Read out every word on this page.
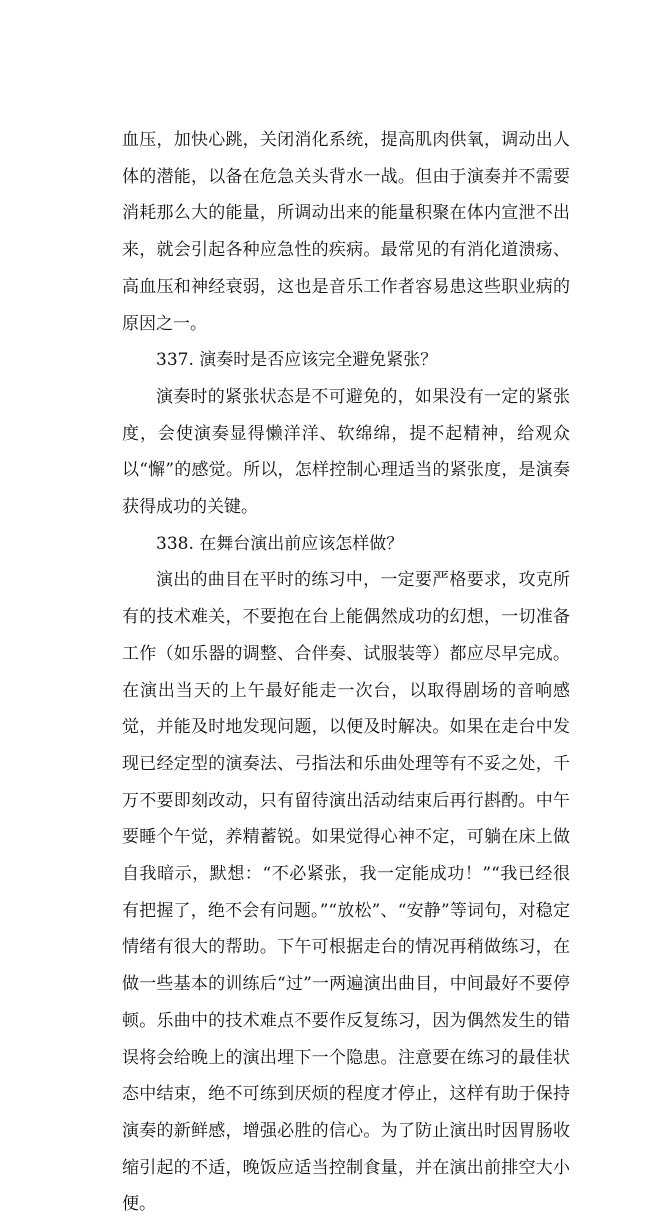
血压，加快心跳，关闭消化系统，提高肌肉供氧，调动出人体的潜能，以备在危急关头背水一战。但由于演奏并不需要消耗那么大的能量，所调动出来的能量积聚在体内宣泄不出来，就会引起各种应急性的疾病。最常见的有消化道溃疡、高血压和神经衰弱，这也是音乐工作者容易患这些职业病的原因之一。

337. 演奏时是否应该完全避免紧张？

演奏时的紧张状态是不可避免的，如果没有一定的紧张度，会使演奏显得懒洋洋、软绵绵，提不起精神，给观众以“懈”的感觉。所以，怎样控制心理适当的紧张度，是演奏获得成功的关键。

338. 在舞台演出前应该怎样做？

演出的曲目在平时的练习中，一定要严格要求，攻克所有的技术难关，不要抱在台上能偶然成功的幻想，一切准备工作（如乐器的调整、合伴奏、试服装等）都应尽早完成。在演出当天的上午最好能走一次台，以取得剧场的音响感觉，并能及时地发现问题，以便及时解决。如果在走台中发现已经定型的演奏法、弓指法和乐曲处理等有不妥之处，千万不要即刻改动，只有留待演出活动结束后再行斟酌。中午要睡个午觉，养精蓄锐。如果觉得心神不定，可躺在床上做自我暗示，默想：“不必紧张，我一定能成功！”“我已经很有把握了，绝不会有问题。”“放松”、“安静”等词句，对稳定情绪有很大的帮助。下午可根据走台的情况再稍做练习，在做一些基本的训练后“过”一两遍演出曲目，中间最好不要停顿。乐曲中的技术难点不要作反复练习，因为偶然发生的错误将会给晚上的演出埋下一个隐患。注意要在练习的最佳状态中结束，绝不可练到厌烦的程度才停止，这样有助于保持演奏的新鲜感，增强必胜的信心。为了防止演出时因胃肠收缩引起的不适，晚饭应适当控制食量，并在演出前排空大小便。
